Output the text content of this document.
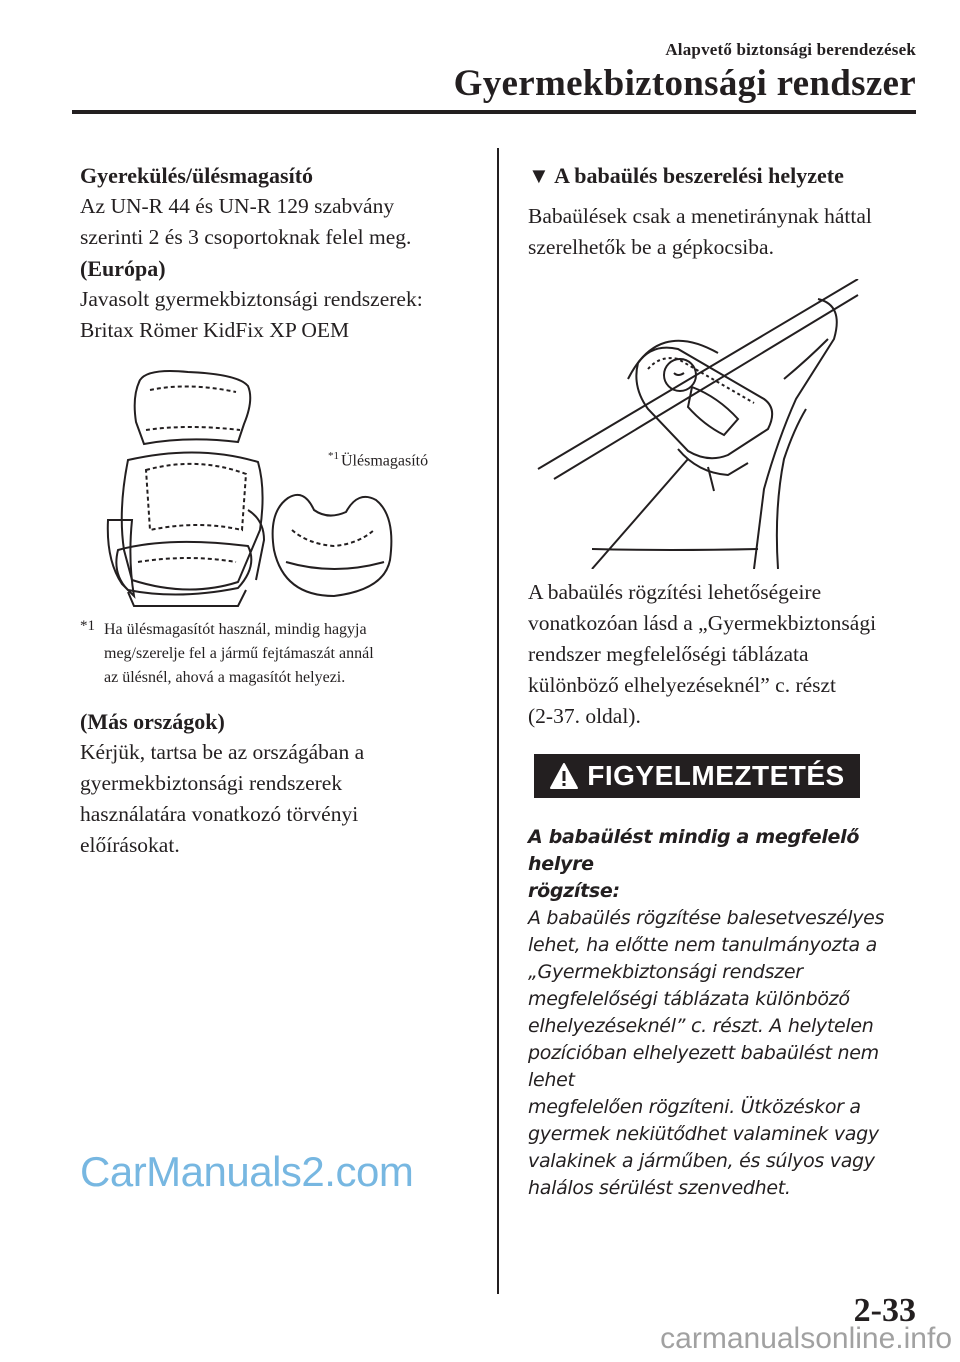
Alapvető biztonsági berendezések
Gyermekbiztonsági rendszer

Gyerekülés/ülésmagasító

Az UN-R 44 és UN-R 129 szabvány

szerinti 2 és 3 csoportoknak felel meg.

(Európa)

Javasolt gyermekbiztonsági rendszerek:

Britax Römer KidFix XP OEM

$^{*1}$ Ülésmagasító
*1 Ha ülésmagasítót használ, mindig hagyja
meg/szerelje fel a jármű fejtámaszát annál
az ülésnél, ahová a magasítót helyezi.

(Más országok)

Kérjük, tartsa be az országában a

gyermekbiztonsági rendszerek

használatára vonatkozó törvényi

előírásokat.

▼ A babaülés beszerelési helyzete

Babaülések csak a menetiránynak háttal

szerelhetők be a gépkocsiba.

A babaülés rögzítési lehetőségeire

vonatkozóan lásd a „Gyermekbiztonsági

rendszer megfelelőségi táblázata

különböző elhelyezéseknél” c. részt

(2-37. oldal).

FIGYELMEZTETÉS
A babaülést mindig a megfelelő helyre
rögzítse:
A babaülés rögzítése balesetveszélyes
lehet, ha előtte nem tanulmányozta a
„Gyermekbiztonsági rendszer
megfelelőségi táblázata különböző
elhelyezéseknél” c. részt. A helytelen
pozícióban elhelyezett babaülést nem lehet
megfelelően rögzíteni. Ütközéskor a
gyermek nekiütődhet valaminek vagy
valakinek a járműben, és súlyos vagy
halálos sérülést szenvedhet.
CarManuals2.com
2-33
carmanualsonline.info
